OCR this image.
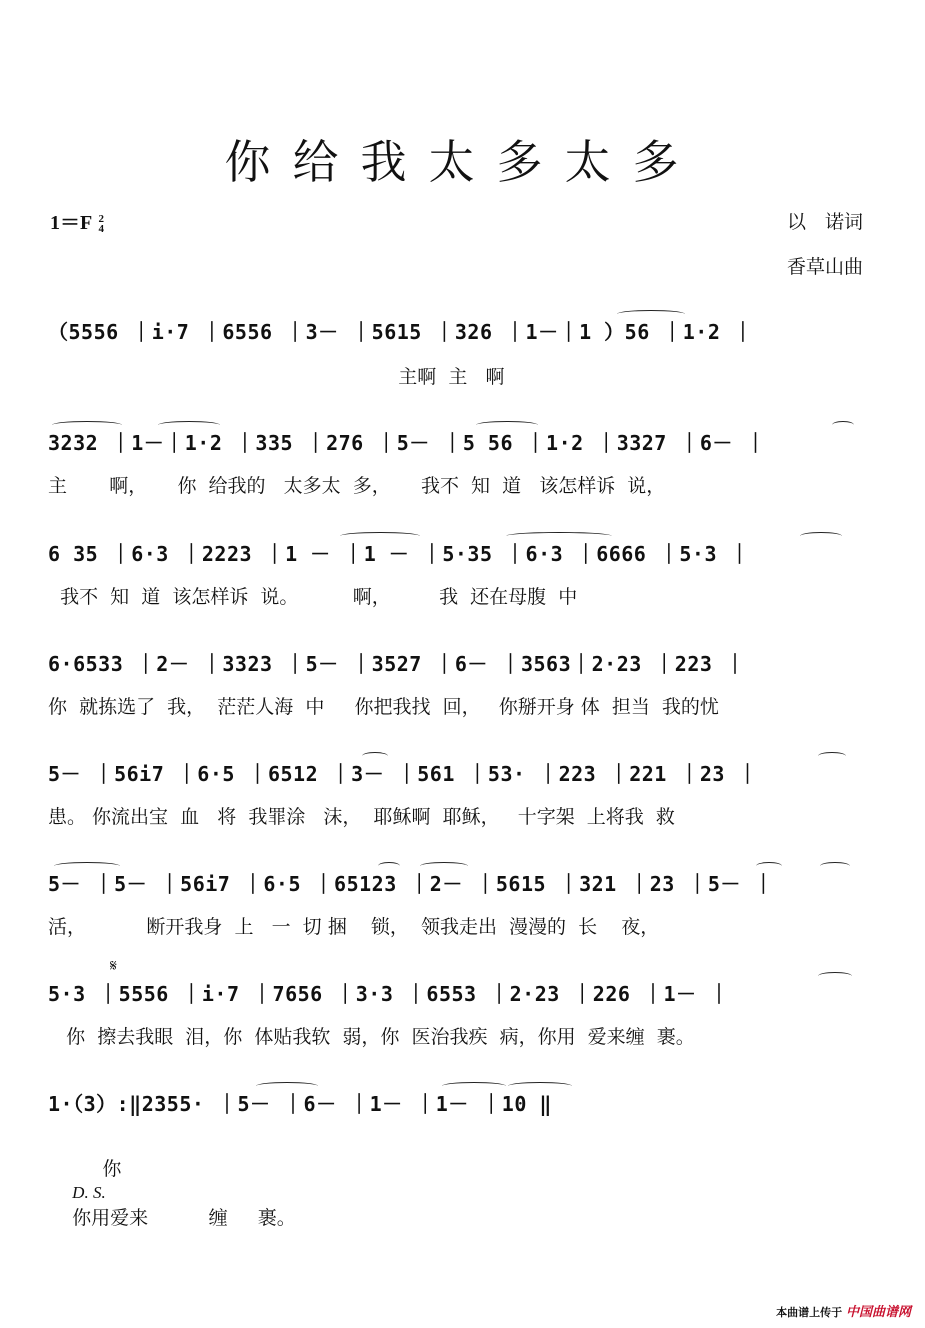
你给我太多太多
1＝F 2
4	以　诺词
香草山曲
（5556 ｜i·7 ｜6556 ｜3－ ｜5615 ｜326 ｜1－｜1 ）56 ｜1·2 ｜
主啊  主   啊
3232 ｜1－｜1·2 ｜335 ｜276 ｜5－ ｜5 56 ｜1·2 ｜3327 ｜6－ ｜
主       啊，     你  给我的   太多太  多，     我不  知  道   该怎样诉  说，
6 35 ｜6·3 ｜2223 ｜1 － ｜1 － ｜5·35 ｜6·3 ｜6666 ｜5·3 ｜
我不  知  道  该怎样诉  说。         啊，        我  还在母腹  中
6·6533 ｜2－ ｜3323 ｜5－ ｜3527 ｜6－ ｜3563｜2·23 ｜223 ｜
你  就拣选了  我，  茫茫人海  中     你把我找  回，   你掰开身 体  担当  我的忧
5－ ｜56i7 ｜6·5 ｜6512 ｜3－ ｜561 ｜53· ｜223 ｜221 ｜23 ｜
患。 你流出宝  血   将  我罪涂   沫，  耶稣啊  耶稣，   十字架  上将我  救
5－ ｜5－ ｜56i7 ｜6·5 ｜65123 ｜2－ ｜5615 ｜321 ｜23 ｜5－ ｜
活，          断开我身  上   一  切 捆    锁，  领我走出  漫漫的  长    夜，
𝄋
5·3 ｜5556 ｜i·7 ｜7656 ｜3·3 ｜6553 ｜2·23 ｜226 ｜1－ ｜
你  擦去我眼  泪，你  体贴我软  弱，你  医治我疾  病，你用  爱来缠  裹。
1·（3）:‖2355· ｜5－ ｜6－ ｜1－ ｜1－ ｜10 ‖

你
D. S.
你用爱来          缠     裹。

本曲谱上传于 中国曲谱网
